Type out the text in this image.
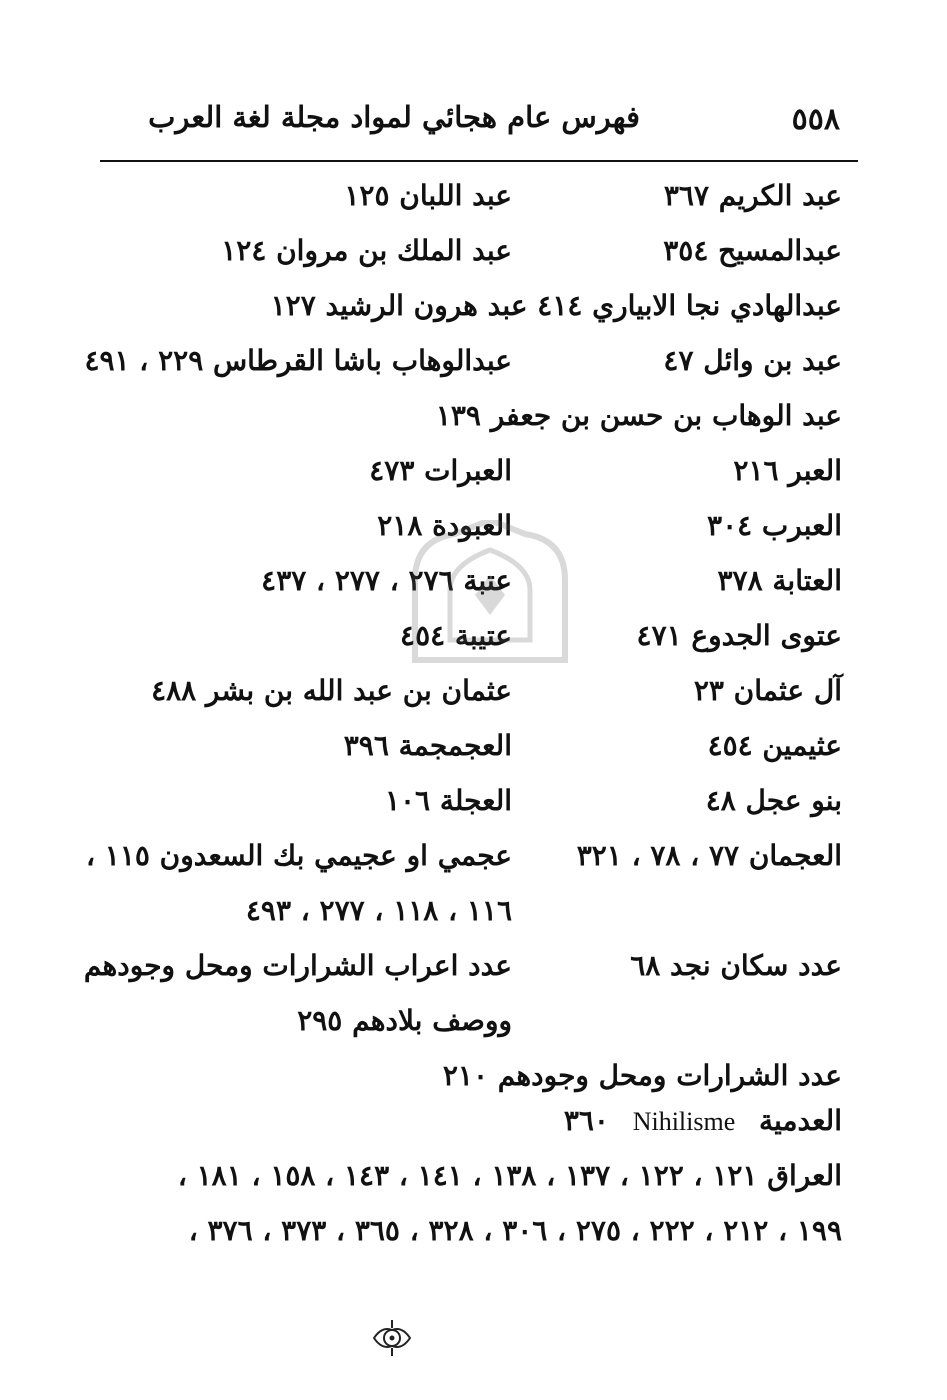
٥٥٨
فهرس عام هجائي لمواد مجلة لغة العرب
عبد الكريم ٣٦٧
عبد اللبان ١٢٥
عبدالمسيح ٣٥٤
عبد الملك بن مروان ١٢٤
عبدالهادي نجا الابياري ٤١٤ عبد هرون الرشيد ١٢٧
عبد بن وائل ٤٧
عبدالوهاب باشا القرطاس ٢٢٩ ، ٤٩١
عبد الوهاب بن حسن بن جعفر ١٣٩
العبر ٢١٦
العبرات ٤٧٣
العبرب ٣٠٤
العبودة ٢١٨
العتابة ٣٧٨
عتبة ٢٧٦ ، ٢٧٧ ، ٤٣٧
عتوى الجدوع ٤٧١
عتيبة ٤٥٤
آل عثمان ٢٣
عثمان بن عبد الله بن بشر ٤٨٨
عثيمين ٤٥٤
العجمجمة ٣٩٦
بنو عجل ٤٨
العجلة ١٠٦
العجمان ٧٧ ، ٧٨ ، ٣٢١
عجمي او عجيمي بك السعدون ١١٥ ،
١١٦ ، ١١٨ ، ٢٧٧ ، ٤٩٣
عدد سكان نجد ٦٨
عدد اعراب الشرارات ومحل وجودهم
ووصف بلادهم ٢٩٥
عدد الشرارات ومحل وجودهم ٢١٠
العدمية Nihilisme ٣٦٠
العراق ١٢١ ، ١٢٢ ، ١٣٧ ، ١٣٨ ، ١٤١ ، ١٤٣ ، ١٥٨ ، ١٨١ ،
١٩٩ ، ٢١٢ ، ٢٢٢ ، ٢٧٥ ، ٣٠٦ ، ٣٢٨ ، ٣٦٥ ، ٣٧٣ ، ٣٧٦ ،
